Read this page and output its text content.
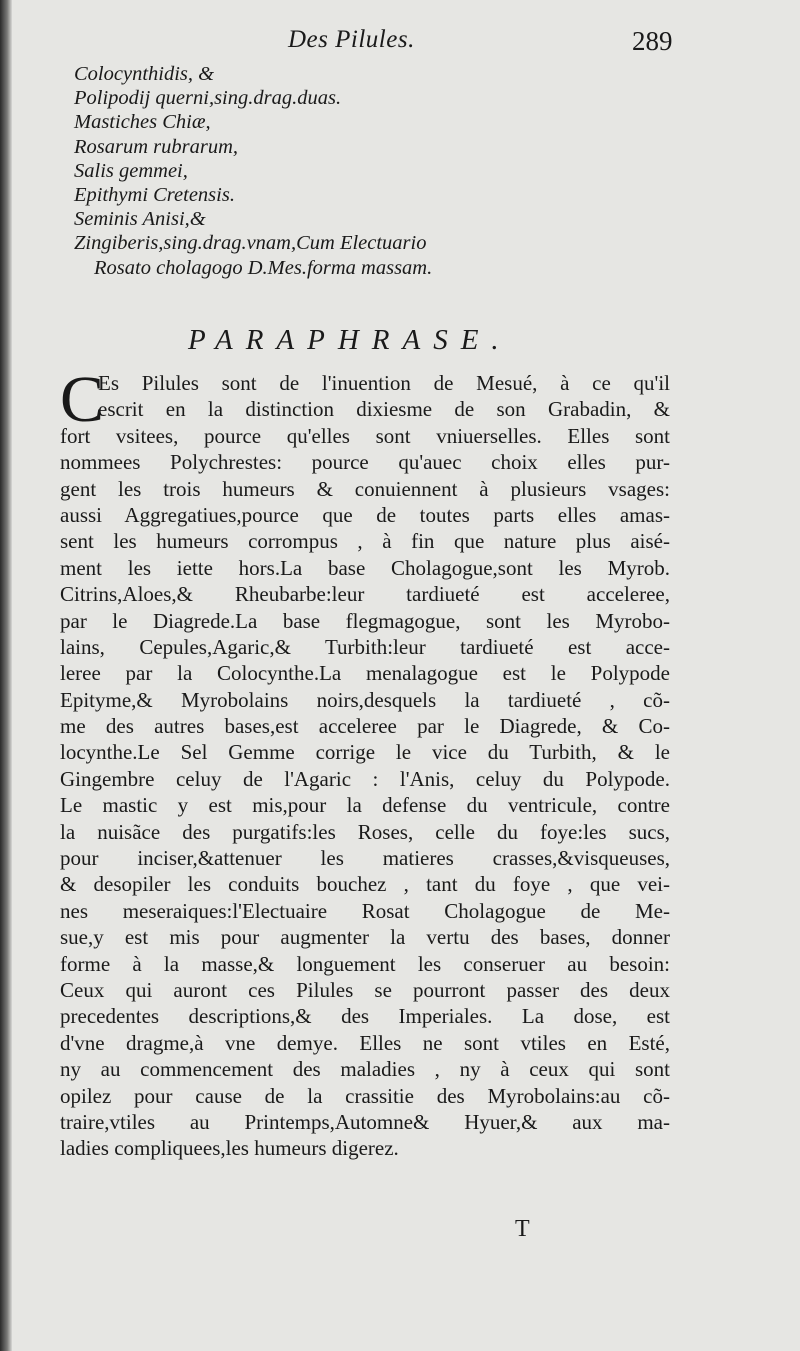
Des Pilules.	289
Colocynthidis, &
Polipodij querni,sing.drag.duas.
Mastiches Chiæ,
Rosarum rubrarum,
Salis gemmei,
Epithymi Cretensis.
Seminis Anisi,&
Zingiberis,sing.drag.vnam,Cum Electuario
Rosato cholagogo D.Mes.forma massam.
PARAPHRASE.
C
Es Pilules sont de l'inuention de Mesué, à ce qu'il
escrit en la distinction dixiesme de son Grabadin, &
fort vsitees, pource qu'elles sont vniuerselles. Elles sont
nommees Polychrestes: pource qu'auec choix elles pur-
gent les trois humeurs & conuiennent à plusieurs vsages:
aussi Aggregatiues,pource que de toutes parts elles amas-
sent les humeurs corrompus , à fin que nature plus aisé-
ment les iette hors.La base Cholagogue,sont les Myrob.
Citrins,Aloes,& Rheubarbe:leur tardiueté est acceleree,
par le Diagrede.La base flegmagogue, sont les Myrobo-
lains, Cepules,Agaric,& Turbith:leur tardiueté est acce-
leree par la Colocynthe.La menalagogue est le Polypode
Epityme,& Myrobolains noirs,desquels la tardiueté , cõ-
me des autres bases,est acceleree par le Diagrede, & Co-
locynthe.Le Sel Gemme corrige le vice du Turbith, & le
Gingembre celuy de l'Agaric : l'Anis, celuy du Polypode.
Le mastic y est mis,pour la defense du ventricule, contre
la nuisãce des purgatifs:les Roses, celle du foye:les sucs,
pour inciser,&attenuer les matieres crasses,&visqueuses,
& desopiler les conduits bouchez , tant du foye , que vei-
nes meseraiques:l'Electuaire Rosat Cholagogue de Me-
sue,y est mis pour augmenter la vertu des bases, donner
forme à la masse,& longuement les conseruer au besoin:
Ceux qui auront ces Pilules se pourront passer des deux
precedentes descriptions,& des Imperiales. La dose, est
d'vne dragme,à vne demye. Elles ne sont vtiles en Esté,
ny au commencement des maladies , ny à ceux qui sont
opilez pour cause de la crassitie des Myrobolains:au cõ-
traire,vtiles au Printemps,Automne& Hyuer,& aux ma-
ladies compliquees,les humeurs digerez.
T
